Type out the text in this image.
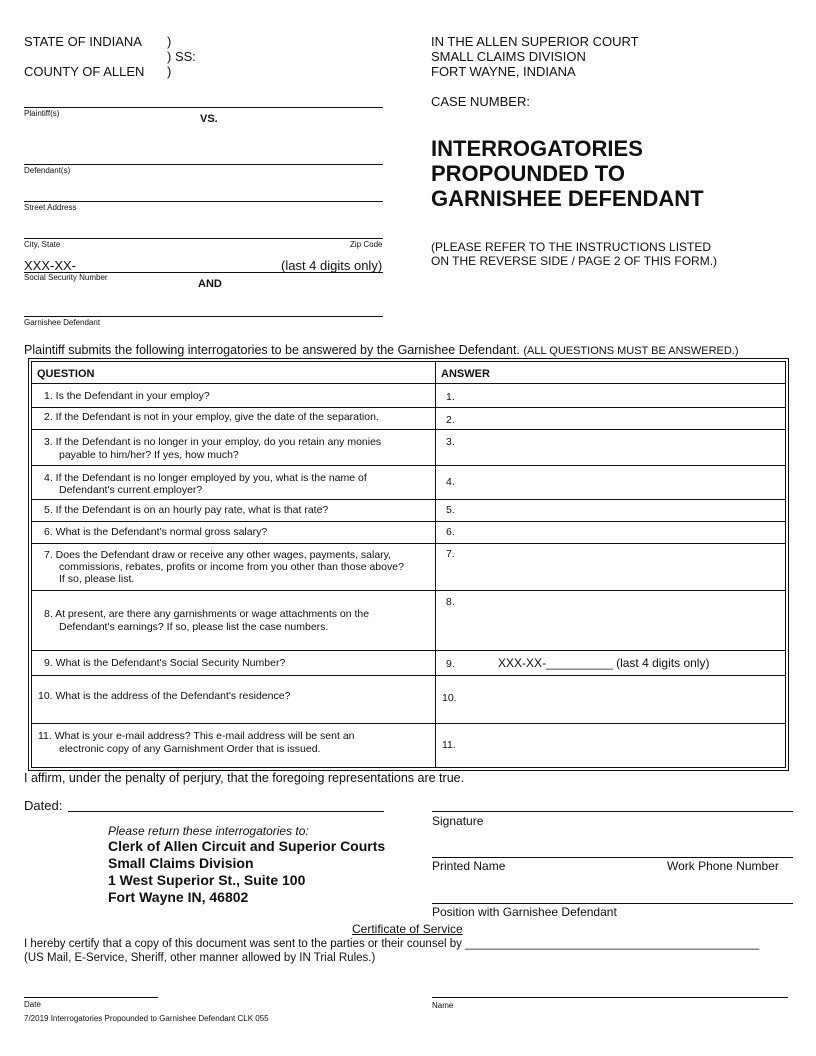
STATE OF INDIANA
COUNTY OF ALLEN
)
) SS:
)
IN THE ALLEN SUPERIOR COURT
SMALL CLAIMS DIVISION
FORT WAYNE, INDIANA
CASE NUMBER:
Plaintiff(s)	VS.
Defendant(s)
Street Address
City, State	Zip Code
XXX-XX-	(last 4 digits only)
Social Security Number
AND
Garnishee Defendant
INTERROGATORIES
PROPOUNDED TO
GARNISHEE DEFENDANT
(PLEASE REFER TO THE INSTRUCTIONS LISTED
ON THE REVERSE SIDE / PAGE 2 OF THIS FORM.)
Plaintiff submits the following interrogatories to be answered by the Garnishee Defendant. (ALL QUESTIONS MUST BE ANSWERED.)
QUESTION	ANSWER
1. Is the Defendant in your employ?	1.
2. If the Defendant is not in your employ, give the date of the separation.	2.
3. If the Defendant is no longer in your employ, do you retain any monies
payable to him/her? If yes, how much?
3.
4. If the Defendant is no longer employed by you, what is the name of
Defendant's current employer?
4.
5. If the Defendant is on an hourly pay rate, what is that rate?	5.
6. What is the Defendant's normal gross salary?	6.
7. Does the Defendant draw or receive any other wages, payments, salary,
commissions, rebates, profits or income from you other than those above?
If so, please list.
7.
8. At present, are there any garnishments or wage attachments on the
Defendant's earnings? If so, please list the case numbers.
8.
9. What is the Defendant's Social Security Number?	9.	XXX-XX-__________ (last 4 digits only)
10. What is the address of the Defendant's residence?	10.
11. What is your e-mail address? This e-mail address will be sent an
electronic copy of any Garnishment Order that is issued.	11.
I affirm, under the penalty of perjury, that the foregoing representations are true.
Dated:
Please return these interrogatories to:
Clerk of Allen Circuit and Superior Courts
Small Claims Division
1 West Superior St., Suite 100
Fort Wayne IN, 46802
Signature
Printed Name	Work Phone Number
Position with Garnishee Defendant
Certificate of Service
I hereby certify that a copy of this document was sent to the parties or their counsel by ______________________________________________
(US Mail, E-Service, Sheriff, other manner allowed by IN Trial Rules.)
Date	Name
7/2019 Interrogatories Propounded to Garnishee Defendant CLK 055
